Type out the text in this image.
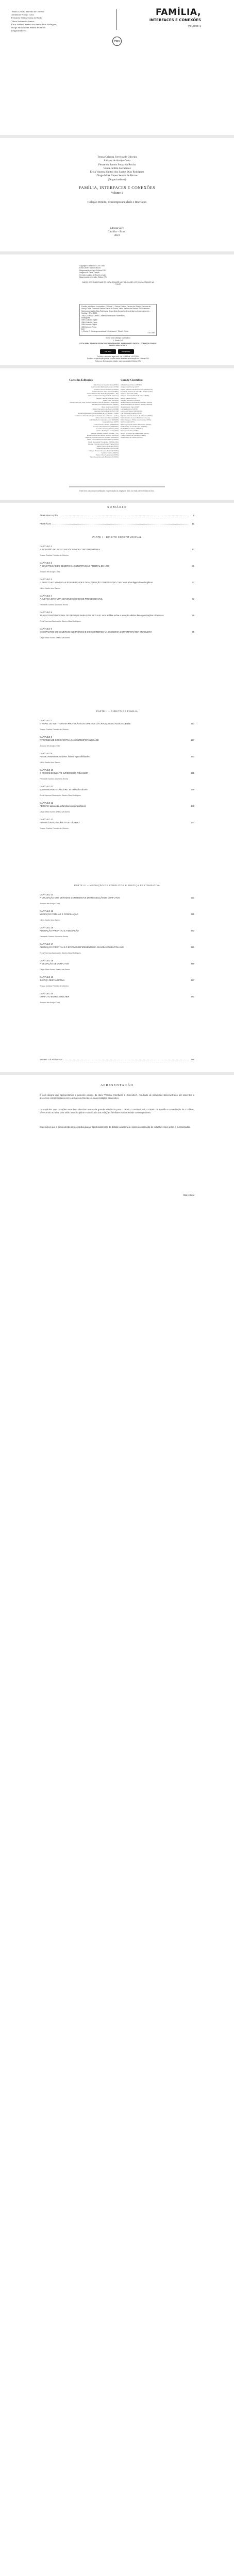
Tereza Cristina Ferreira de Oliveira
Jordana de Araújo Cotta
Fernando Santos Souza da Rocha
Vânia Jardim dos Santos
Érica Vanessa Santos dos Santos Dias Rodrigues
Diogo Mota Nunes Seabra de Barros
(Organizadores)
FAMÍLIA,
INTERFACES E CONEXÕES
VOLUME 1
CRV
Tereza Cristina Ferreira de Oliveira
Jordana de Araújo Cotta
Fernando Santos Souza da Rocha
Vânia Jardim dos Santos
Érica Vanessa Santos dos Santos Dias Rodrigues
Diogo Mota Nunes Seabra de Barros
(Organizadores)
FAMÍLIA, INTERFACES E CONEXÕES
Volume 1
Coleção Direito, Contemporaneidade e Interfaces
Editora CRV
Curitiba – Brasil
2023
Copyright © da Editora CRV Ltda.
Editor-chefe: Railson Moura
Diagramação e Capa: Editora CRV
Imagens da Capa: Freepik
Revisão: Analista de Escrita e Artes
Diagramação e revisão: Editora CRV
DADOS INTERNACIONAIS DE CATALOGAÇÃO NA PUBLICAÇÃO (CIP) CATALOGAÇÃO NA FONTE
Família, interfaces e conexões – Volume 1 / Tereza Cristina Ferreira de Oliveira, Jordana de Araújo Cotta, Fernando Santos Souza da Rocha, Vânia Jardim dos Santos, Érica Vanessa Santos dos Santos Dias Rodrigues, Diogo Mota Nunes Seabra de Barros (organizadores) – Curitiba : CRV, 2023.
256 p. (Coleção Direito, Contemporaneidade e Interfaces)
Bibliografia
ISBN Coleção Digital
ISBN Coleção Física
ISBN Volume Digital
ISBN Volume Físico
DOI
1. Direito 2. Contemporaneidade 3. Interfaces I. Título II. Série.
CDU 340
Índice para catálogo sistemático
1. Direito 340
ESTA OBRA TAMBÉM SE ENCONTRA DISPONÍVEL EM FORMATO DIGITAL. CONHEÇA E BAIXE NOSSO APLICATIVO!
App Store	Google Play
Foi feito o depósito legal conf. Lei 10.994 de 14/12/2004
Proibida a reprodução parcial ou total desta obra sem autorização da Editora CRV
Todos os direitos desta edição reservados pela: Editora CRV
Conselho Editorial:	Comitê Científico:
Aldo Rosa de Gouvêa Neto (UFRJ)
Ana Carolina Barbosa Guedes (UFPE)
Anselmo Alencar Colares (UFOPA)
Antônio Pereira Gaio Júnior (UFRRJ)
Carlos Alberto Vilar Estêvão (UMINHO – PT)
Carlos Federico Dominguez Avila (Unieuro)
Carmen Tereza Velanga (UNIR)
Celso Conti (UFSCar)
Cesar Gerónimo Tello (Univer. Nacional Três de Febrero – Argentina)
Eduardo Fernandes Barbosa (UFMG)
Élsio José Corá (UFFS)
Elizeu Clementino de Souza (UNEB)
Francisco Carlos Duarte (PUC-PR)
Gloria Fariñas León (Universidade de La Havana – Cuba)
Guillermo Arias Beatón (Universidade de La Havana – Cuba)
Jailson Alves dos Santos (UFRJ)
João Adalberto Campato Junior (UNESP)
Josania Portela (UFPI)
Leonel Severo Rocha (UNISINOS)
Lídia de Oliveira Xavier (UNIEURO)
Lourdes Helena da Silva (UFV)
Luciano Rodrigues Costa (UFV)
Marcelo Paixão (UFRJ e UTexas – US)
Maria Cristina dos Santos Bezerra (UFSCar)
Maria de Lourdes Pinto de Almeida (UNOESC)
Maria Lília Imbiriba Sousa Colares (UFOPA)
Paulo Romualdo Hernandes (UNIFAL-MG)
Renato Francisco dos Santos Paula (UFG)
Sérgio Nunes de Jesus (IFRO)
Simone Rodrigues Pinto (UNB)
Solange Helena Ximenes-Rocha (UFOPA)
Sydione Santos (UEPG)
Tadeu Oliver Gonçalves (UFPA)
Tania Suely Azevedo Brasileiro (UFOPA)
Alfredo Copetti Neto (UNIJUÍ)
Angela Issa Haonat (UFT)
Carlos Eduardo Nicoletti Camillo (Mackenzie)
Fernando Antonio de Carvalho Dantas (UFG)
Gilberto Bercovici (USP)
Gilberto Ferreira Marchetti Filho (UFMS)
Gilson Bonato (UFPA)
Haroldo Lourenço (UFRRJ)
Jacinto Nelson de Miranda Coutinho (UFPR)
José Alcebíades de Oliveira Junior (UFRGS)
José Eduardo Faria (USP)
Larissa Ramina (UFPR)
Lenio Luiz Streck (UNISINOS)
Luiz Fernando Coelho (UFSC)
Marcelo Andrade Cattoni de Oliveira (UFMG)
Maria Cristina Cereser Pezzella (Unoesc)
Milton Vasques Thibau de Almeida (UFMG)
Néfi Cordeiro (STJ)
Nilsen Aparecida Vieira Marcondes (UFSC)
Paulo Cesar Corrêa Borges (UNESP)
Pedro Manoel Abreu (UNIVALI)
Salo de Carvalho (UFRJ)
Sérgio Urquhart de Cademartori (UFSC)
Thiago Fabres de Carvalho (UFES)
Vera Karam de Chueiri (UFPR)
Este livro passou por avaliação e aprovação às cegas de dois ou mais pareceristas ad hoc.
SUMÁRIO
APRESENTAÇÃO	9
PREFÁCIO	11
PARTE I – DIREITO CONSTITUCIONAL
CAPÍTULO 1
A INCLUSÃO DO IDOSO NA SOCIEDADE CONTEMPORÂNEA	17
Tereza Cristina Ferreira de Oliveira
CAPÍTULO 2
A CONSTRUÇÃO DE GÊNERO E A CONSTITUIÇÃO FEDERAL DE 1988	31
Jordana de Araújo Cotta
CAPÍTULO 3
O DIREITO AO NOME E AS POSSIBILIDADES DE ALTERAÇÃO DO REGISTRO CIVIL: uma abordagem interdisciplinar	47
Vânia Jardim dos Santos
CAPÍTULO 4
A JUSTIÇA GRATUITA NO NOVO CÓDIGO DE PROCESSO CIVIL	63
Fernando Santos Souza da Rocha
CAPÍTULO 5
TRANSCONSTITUCIONAL DE PESSOAS PARA FINS SEXUAIS: uma análise sobre a atuação efetiva das organizações criminosas	79
Érica Vanessa Santos dos Santos Dias Rodrigues
CAPÍTULO 6
OS IMPACTOS DO COMÉRCIO ELETRÔNICO E O E-COMMERCE NA ECONOMIA CONTEMPORÂNEA BRASILEIRA	95
Diogo Mota Nunes Seabra de Barros
PARTE II – DIREITO DE FAMÍLIA
CAPÍTULO 7
O PAPEL DO INSTITUTO NA PROTEÇÃO DOS DIREITOS DA CRIANÇA E DO ADOLESCENTE	113
Tereza Cristina Ferreira de Oliveira
CAPÍTULO 8
PATERNIDADE SOCIOAFETIVA NA CONTEMPORANEIDADE	127
Jordana de Araújo Cotta
CAPÍTULO 9
PLANEJAMENTO FAMILIAR: limites e possibilidades	141
Vânia Jardim dos Santos
CAPÍTULO 10
O RECONHECIMENTO JURÍDICO DO POLIAMOR	155
Fernando Santos Souza da Rocha
CAPÍTULO 11
MATERNIDADE E CÁRCERE: as mães do cárcere	169
Érica Vanessa Santos dos Santos Dias Rodrigues
CAPÍTULO 12
ADOÇÃO: aplicação às famílias contemporâneas	183
Diogo Mota Nunes Seabra de Barros
CAPÍTULO 13
FEMINICÍDIO E VIOLÊNCIA DE GÊNERO	197
Tereza Cristina Ferreira de Oliveira
PARTE III – MEDIAÇÃO DE CONFLITOS E JUSTIÇA RESTAURATIVA
CAPÍTULO 14
A UTILIZAÇÃO DOS MÉTODOS CONSENSUAIS DE RESOLUÇÃO DE CONFLITOS	211
Jordana de Araújo Cotta
CAPÍTULO 15
MEDIAÇÃO FAMILIAR E CONCILIAÇÃO	225
Vânia Jardim dos Santos
CAPÍTULO 16
ALIENAÇÃO PARENTAL E A MEDIAÇÃO	233
Fernando Santos Souza da Rocha
CAPÍTULO 17
ALIENAÇÃO PARENTAL E O EFETIVO DEFERIMENTO DA GUARDA COMPARTILHADA	241
Érica Vanessa Santos dos Santos Dias Rodrigues
CAPÍTULO 18
A MEDIAÇÃO DE CONFLITOS	249
Diogo Mota Nunes Seabra de Barros
CAPÍTULO 19
JUSTIÇA RESTAURATIVA	257
Tereza Cristina Ferreira de Oliveira
CAPÍTULO 20
CONFLITO ENTRE A MULHER	271
Jordana de Araújo Cotta
SOBRE OS AUTORES	285
APRESENTAÇÃO
É com alegria que apresentamos o primeiro volume da obra “Família, Interfaces e Conexões”, resultado de pesquisas desenvolvidas por docentes e discentes comprometidos com o estudo do Direito em suas múltiplas dimensões.
Os capítulos que compõem este livro abordam temas de grande relevância para o Direito Constitucional, o Direito de Família e a Mediação de Conflitos, oferecendo ao leitor uma visão interdisciplinar e atualizada das relações familiares na sociedade contemporânea.
Esperamos que a leitura desta obra contribua para o aprofundamento do debate acadêmico e para a construção de soluções mais justas e humanizadas.
Boa leitura!
